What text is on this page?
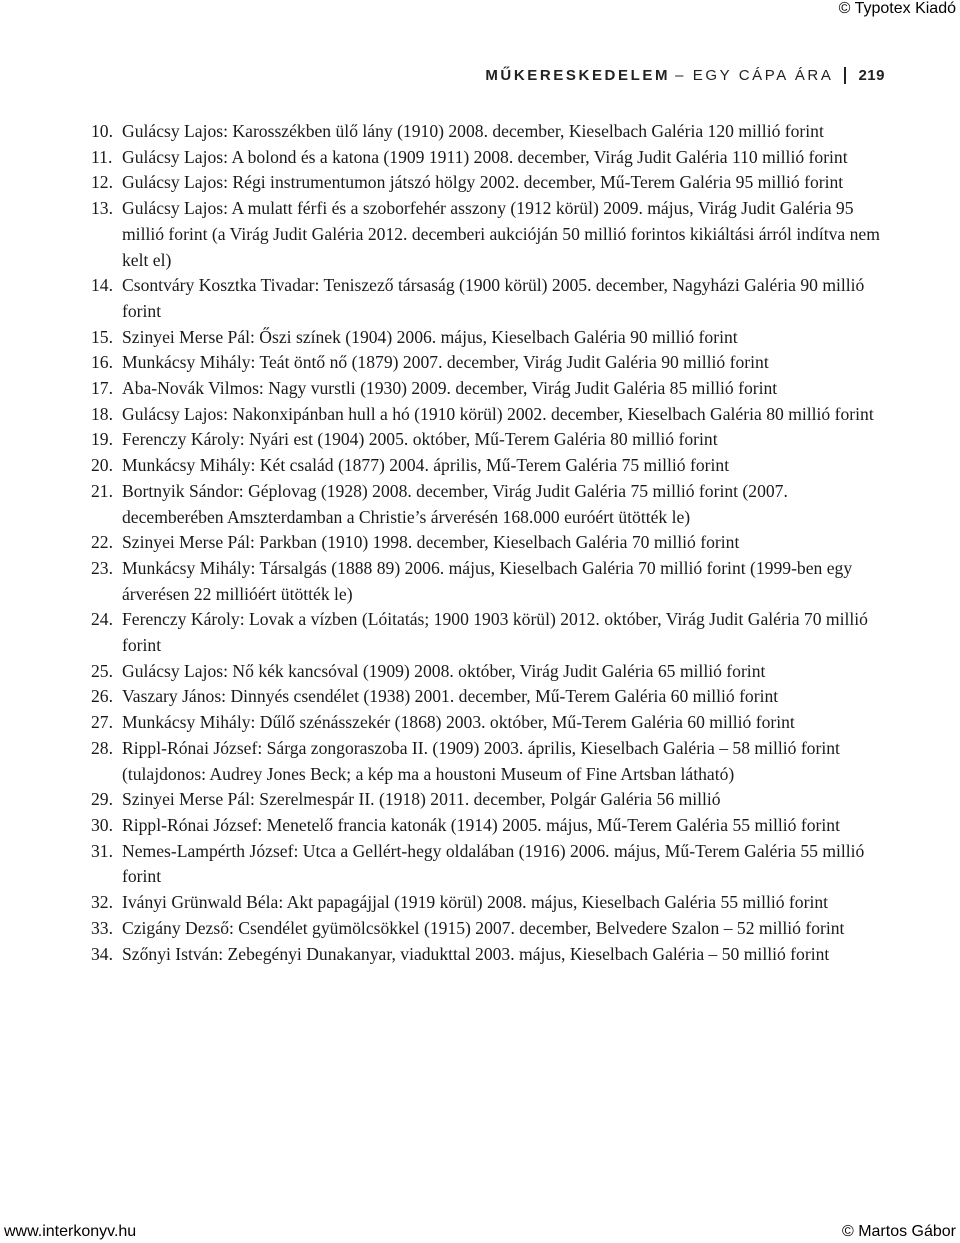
© Typotex Kiadó
MŰKERESKEDELEM – EGY CÁPA ÁRA 219
10. Gulácsy Lajos: Karosszékben ülő lány (1910) 2008. december, Kieselbach Galéria 120 millió forint
11. Gulácsy Lajos: A bolond és a katona (1909 1911) 2008. december, Virág Judit Galéria 110 millió forint
12. Gulácsy Lajos: Régi instrumentumon játszó hölgy 2002. december, Mű-Terem Galéria 95 millió forint
13. Gulácsy Lajos: A mulatt férfi és a szoborfehér asszony (1912 körül) 2009. május, Virág Judit Galéria 95 millió forint (a Virág Judit Galéria 2012. decemberi aukcióján 50 millió forintos kikiáltási árról indítva nem kelt el)
14. Csontváry Kosztka Tivadar: Teniszező társaság (1900 körül) 2005. december, Nagyházi Galéria 90 millió forint
15. Szinyei Merse Pál: Őszi színek (1904) 2006. május, Kieselbach Galéria 90 millió forint
16. Munkácsy Mihály: Teát öntő nő (1879) 2007. december, Virág Judit Galéria 90 millió forint
17. Aba-Novák Vilmos: Nagy vurstli (1930) 2009. december, Virág Judit Galéria 85 millió forint
18. Gulácsy Lajos: Nakonxipánban hull a hó (1910 körül) 2002. december, Kieselbach Galéria 80 millió forint
19. Ferenczy Károly: Nyári est (1904) 2005. október, Mű-Terem Galéria 80 millió forint
20. Munkácsy Mihály: Két család (1877) 2004. április, Mű-Terem Galéria 75 millió forint
21. Bortnyik Sándor: Géplovag (1928) 2008. december, Virág Judit Galéria 75 millió forint (2007. decemberében Amszterdamban a Christie’s árverésén 168.000 euróért ütötték le)
22. Szinyei Merse Pál: Parkban (1910) 1998. december, Kieselbach Galéria 70 millió forint
23. Munkácsy Mihály: Társalgás (1888 89) 2006. május, Kieselbach Galéria 70 millió forint (1999-ben egy árverésen 22 millióért ütötték le)
24. Ferenczy Károly: Lovak a vízben (Lóitatás; 1900 1903 körül) 2012. október, Virág Judit Galéria 70 millió forint
25. Gulácsy Lajos: Nő kék kancsóval (1909) 2008. október, Virág Judit Galéria 65 millió forint
26. Vaszary János: Dinnyés csendélet (1938) 2001. december, Mű-Terem Galéria 60 millió forint
27. Munkácsy Mihály: Dűlő szénásszekér (1868) 2003. október, Mű-Terem Galéria 60 millió forint
28. Rippl-Rónai József: Sárga zongoraszoba II. (1909) 2003. április, Kieselbach Galéria – 58 millió forint (tulajdonos: Audrey Jones Beck; a kép ma a houstoni Museum of Fine Artsban látható)
29. Szinyei Merse Pál: Szerelmespár II. (1918) 2011. december, Polgár Galéria 56 millió
30. Rippl-Rónai József: Menetelő francia katonák (1914) 2005. május, Mű-Terem Galéria 55 millió forint
31. Nemes-Lampérth József: Utca a Gellért-hegy oldalában (1916) 2006. május, Mű-Terem Galéria 55 millió forint
32. Iványi Grünwald Béla: Akt papagájjal (1919 körül) 2008. május, Kieselbach Galéria 55 millió forint
33. Czigány Dezső: Csendélet gyümölcsökkel (1915) 2007. december, Belvedere Szalon – 52 millió forint
34. Szőnyi István: Zebegényi Dunakanyar, viadukttal 2003. május, Kieselbach Galéria – 50 millió forint
www.interkonyv.hu	© Martos Gábor
